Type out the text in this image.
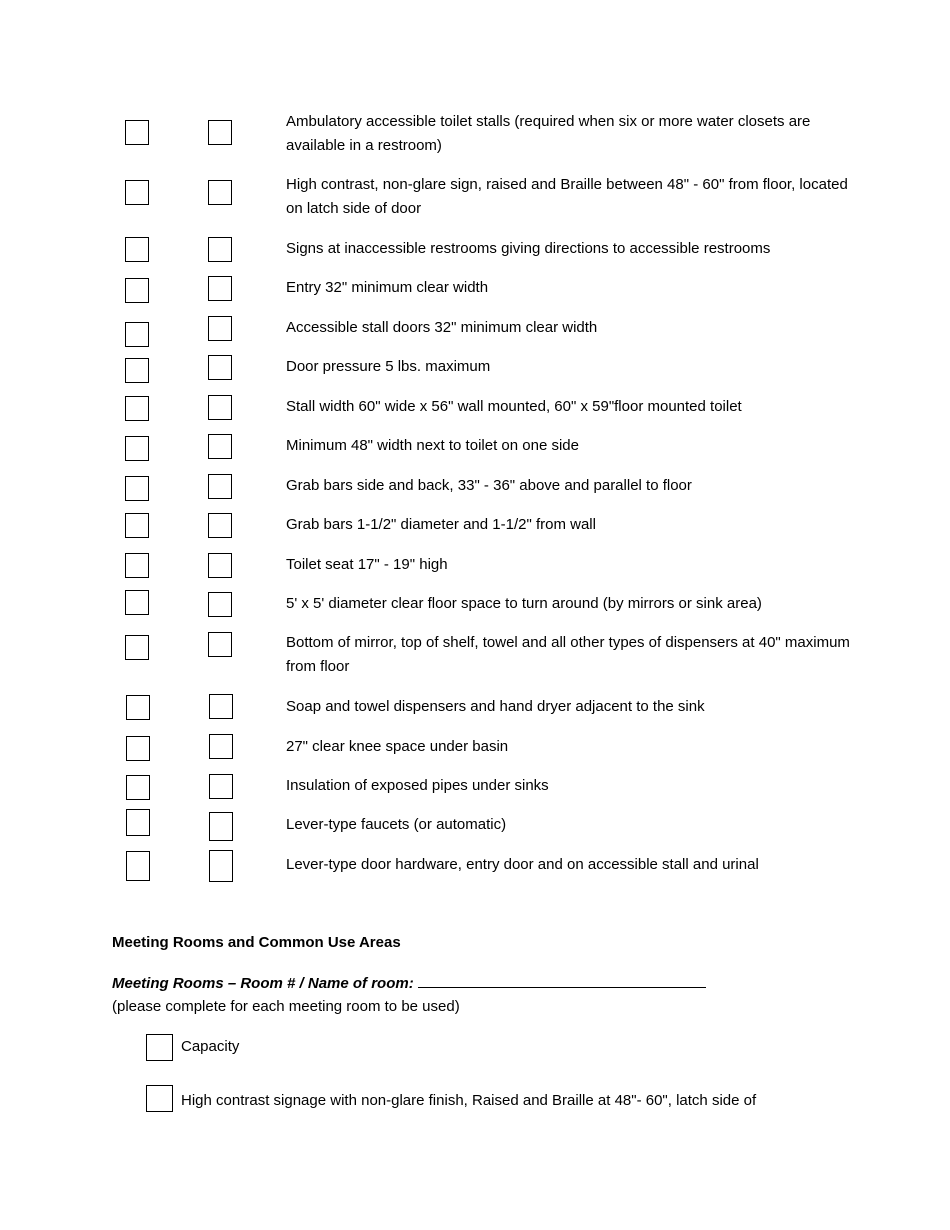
Ambulatory accessible toilet stalls (required when six or more water closets are available in a restroom)
High contrast, non-glare sign, raised and Braille between 48" - 60" from floor, located on latch side of door
Signs at inaccessible restrooms giving directions to accessible restrooms
Entry 32" minimum clear width
Accessible stall doors 32" minimum clear width
Door pressure 5 lbs. maximum
Stall width 60" wide x 56" wall mounted, 60" x 59"floor mounted toilet
Minimum 48" width next to toilet on one side
Grab bars side and back, 33" - 36" above and parallel to floor
Grab bars 1-1/2" diameter and 1-1/2" from wall
Toilet seat 17" - 19" high
5' x 5' diameter clear floor space to turn around (by mirrors or sink area)
Bottom of mirror, top of shelf, towel and all other types of dispensers at 40" maximum from floor
Soap and towel dispensers and hand dryer adjacent to the sink
27" clear knee space under basin
Insulation of exposed pipes under sinks
Lever-type faucets (or automatic)
Lever-type door hardware, entry door and on accessible stall and urinal
Meeting Rooms and Common Use Areas
Meeting Rooms – Room # / Name of room:
(please complete for each meeting room to be used)
Capacity
High contrast signage with non-glare finish, Raised and Braille at 48"- 60", latch side of
